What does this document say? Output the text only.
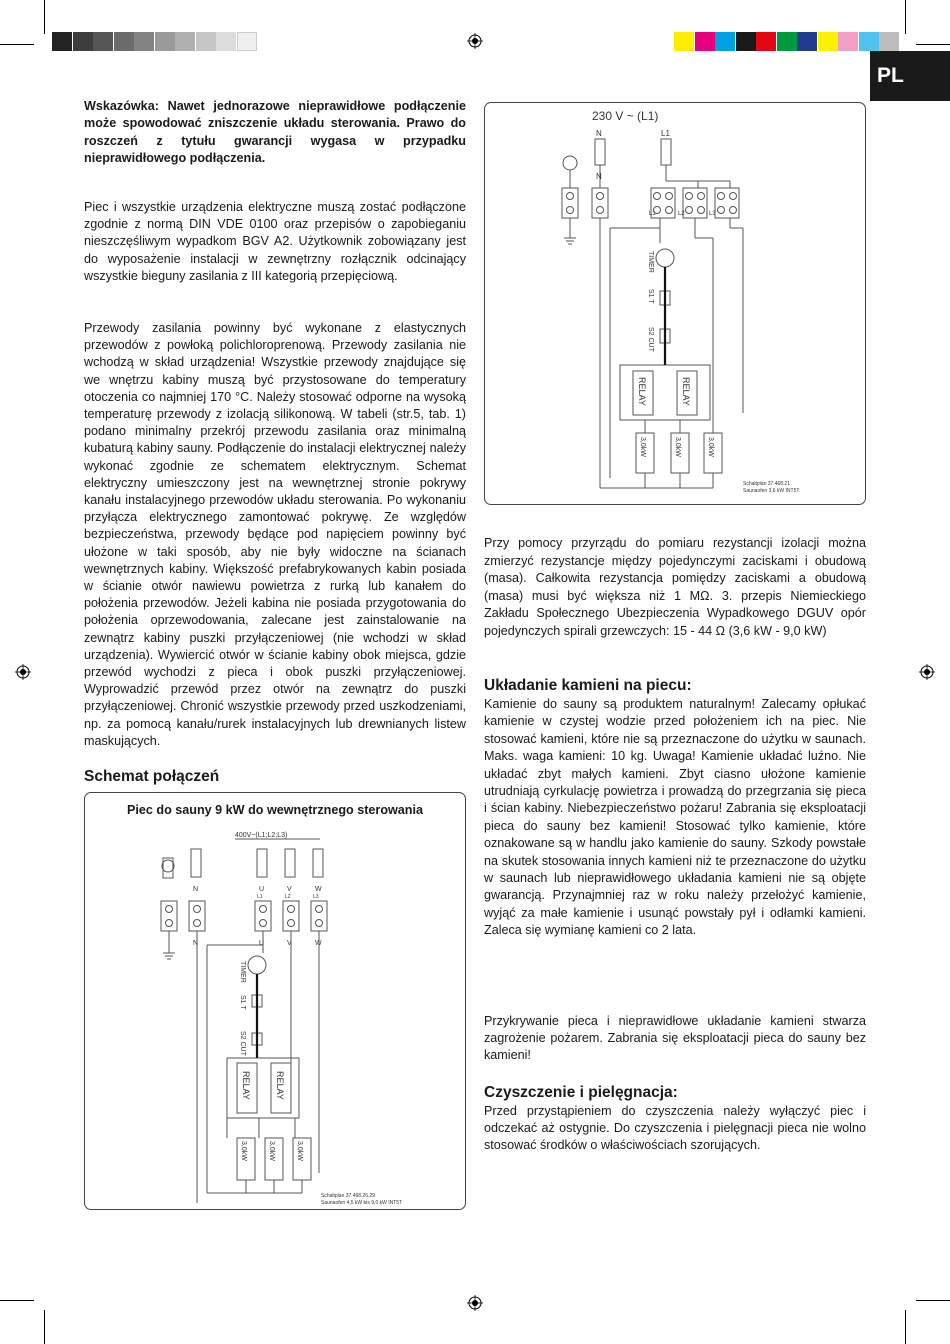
PL
Wskazówka: Nawet jednorazowe nieprawidłowe podłączenie może spowodować zniszczenie układu sterowania. Prawo do roszczeń z tytułu gwarancji wygasa w przypadku nieprawidłowego podłączenia.

Piec i wszystkie urządzenia elektryczne muszą zostać podłączone zgodnie z normą DIN VDE 0100 oraz przepisów o zapobieganiu nieszczęśliwym wypadkom BGV A2. Użytkownik zobowiązany jest do wyposażenie instalacji w zewnętrzny rozłącznik odcinający wszystkie bieguny zasilania z III kategorią przepięciową.

Przewody zasilania powinny być wykonane z elastycznych przewodów z powłoką polichloroprenową. Przewody zasilania nie wchodzą w skład urządzenia! Wszystkie przewody znajdujące się we wnętrzu kabiny muszą być przystosowane do temperatury otoczenia co najmniej 170 °C. Należy stosować odporne na wysoką temperaturę przewody z izolacją silikonową. W tabeli (str.5, tab. 1) podano minimalny przekrój przewodu zasilania oraz minimalną kubaturą kabiny sauny. Podłączenie do instalacji elektrycznej należy wykonać zgodnie ze schematem elektrycznym. Schemat elektryczny umieszczony jest na wewnętrznej stronie pokrywy kanału instalacyjnego przewodów układu sterowania. Po wykonaniu przyłącza elektrycznego zamontować pokrywę. Ze względów bezpieczeństwa, przewody będące pod napięciem powinny być ułożone w taki sposób, aby nie były widoczne na ścianach wewnętrznych kabiny. Większość prefabrykowanych kabin posiada w ścianie otwór nawiewu powietrza z rurką lub kanałem do położenia przewodów. Jeżeli kabina nie posiada przygotowania do położenia oprzewodowania, zalecane jest zainstalowanie na zewnątrz kabiny puszki przyłączeniowej (nie wchodzi w skład urządzenia). Wywiercić otwór w ścianie kabiny obok miejsca, gdzie przewód wychodzi z pieca i obok puszki przyłączeniowej. Wyprowadzić przewód przez otwór na zewnątrz do puszki przyłączeniowej. Chronić wszystkie przewody przed uszkodzeniami, np. za pomocą kanału/rurek instalacyjnych lub drewnianych listew maskujących.

Schemat połączeń
Piec do sauny 9 kW do wewnętrznego sterowania
400V~(L1;L2;L3)
N	U	V	W
L1	L2	L3
N	U	V	W
TIMER
S1 T
S2 CUT
RELAY	RELAY
3,0kW	3,0kW	3,0kW
Schaltplan 37.468.26.29
Saunaofen 4,5 kW bis 9,0 kW INT5T
230 V ~ (L1)
N	L1
N
L1	L2	L3
TIMER
S1 T
S2 CUT
RELAY	RELAY
3,0kW	3,0kW	3,0kW
Schaltplan 37.468.21
Saunaofen 3,6 kW INT5T

Przy pomocy przyrządu do pomiaru rezystancji izolacji można zmierzyć rezystancje między pojedynczymi zaciskami i obudową (masa). Całkowita rezystancja pomiędzy zaciskami a obudową (masa) musi być większa niż 1 MΩ. 3. przepis Niemieckiego Zakładu Społecznego Ubezpieczenia Wypadkowego DGUV opór pojedynczych spirali grzewczych: 15 - 44 Ω (3,6 kW - 9,0 kW)

Układanie kamieni na piecu:

Kamienie do sauny są produktem naturalnym! Zalecamy opłukać kamienie w czystej wodzie przed położeniem ich na piec. Nie stosować kamieni, które nie są przeznaczone do użytku w saunach. Maks. waga kamieni: 10 kg. Uwaga! Kamienie układać luźno. Nie układać zbyt małych kamieni. Zbyt ciasno ułożone kamienie utrudniają cyrkulację powietrza i prowadzą do przegrzania się pieca i ścian kabiny. Niebezpieczeństwo pożaru! Zabrania się eksploatacji pieca do sauny bez kamieni! Stosować tylko kamienie, które oznakowane są w handlu jako kamienie do sauny. Szkody powstałe na skutek stosowania innych kamieni niż te przeznaczone do użytku w saunach lub nieprawidłowego układania kamieni nie są objęte gwarancją. Przynajmniej raz w roku należy przełożyć kamienie, wyjąć za małe kamienie i usunąć powstały pył i odłamki kamieni. Zaleca się wymianę kamieni co 2 lata.

Przykrywanie pieca i nieprawidłowe układanie kamieni stwarza zagrożenie pożarem. Zabrania się eksploatacji pieca do sauny bez kamieni!

Czyszczenie i pielęgnacja:

Przed przystąpieniem do czyszczenia należy wyłączyć piec i odczekać aż ostygnie. Do czyszczenia i pielęgnacji pieca nie wolno stosować środków o właściwościach szorujących.
